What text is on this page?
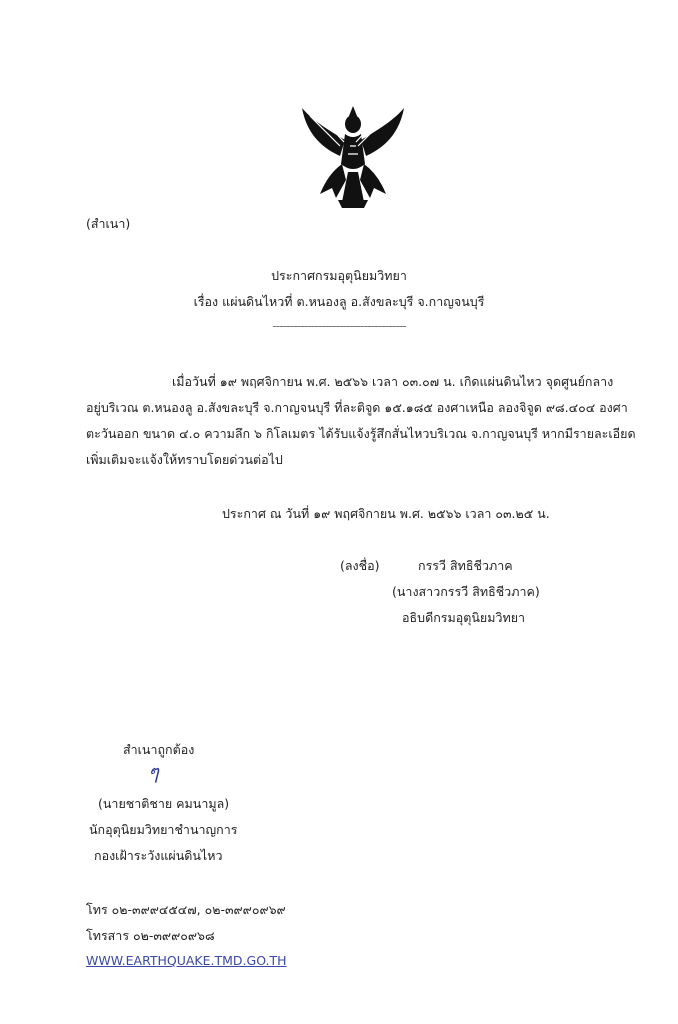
(สำเนา)
ประกาศกรมอุตุนิยมวิทยา
เรื่อง แผ่นดินไหวที่ ต.หนองลู อ.สังขละบุรี จ.กาญจนบุรี
--------------------------------------
เมื่อวันที่ ๑๙ พฤศจิกายน พ.ศ. ๒๕๖๖ เวลา ๐๓.๐๗ น. เกิดแผ่นดินไหว จุดศูนย์กลาง
อยู่บริเวณ ต.หนองลู อ.สังขละบุรี จ.กาญจนบุรี ที่ละติจูด ๑๕.๑๘๕ องศาเหนือ ลองจิจูด ๙๘.๔๐๔ องศา
ตะวันออก ขนาด ๔.๐ ความลึก ๖ กิโลเมตร ได้รับแจ้งรู้สึกสั่นไหวบริเวณ จ.กาญจนบุรี หากมีรายละเอียด
เพิ่มเติมจะแจ้งให้ทราบโดยด่วนต่อไป
ประกาศ ณ วันที่ ๑๙ พฤศจิกายน พ.ศ. ๒๕๖๖ เวลา ๐๓.๒๕ น.
(ลงชื่อ)	กรรวี สิทธิชีวภาค
(นางสาวกรรวี สิทธิชีวภาค)
อธิบดีกรมอุตุนิยมวิทยา
สำเนาถูกต้อง
ๆ
(นายชาติชาย คมนามูล)
นักอุตุนิยมวิทยาชำนาญการ
กองเฝ้าระวังแผ่นดินไหว
โทร ๐๒-๓๙๙๔๕๔๗, ๐๒-๓๙๙๐๙๖๙
โทรสาร ๐๒-๓๙๙๐๙๖๘
WWW.EARTHQUAKE.TMD.GO.TH
